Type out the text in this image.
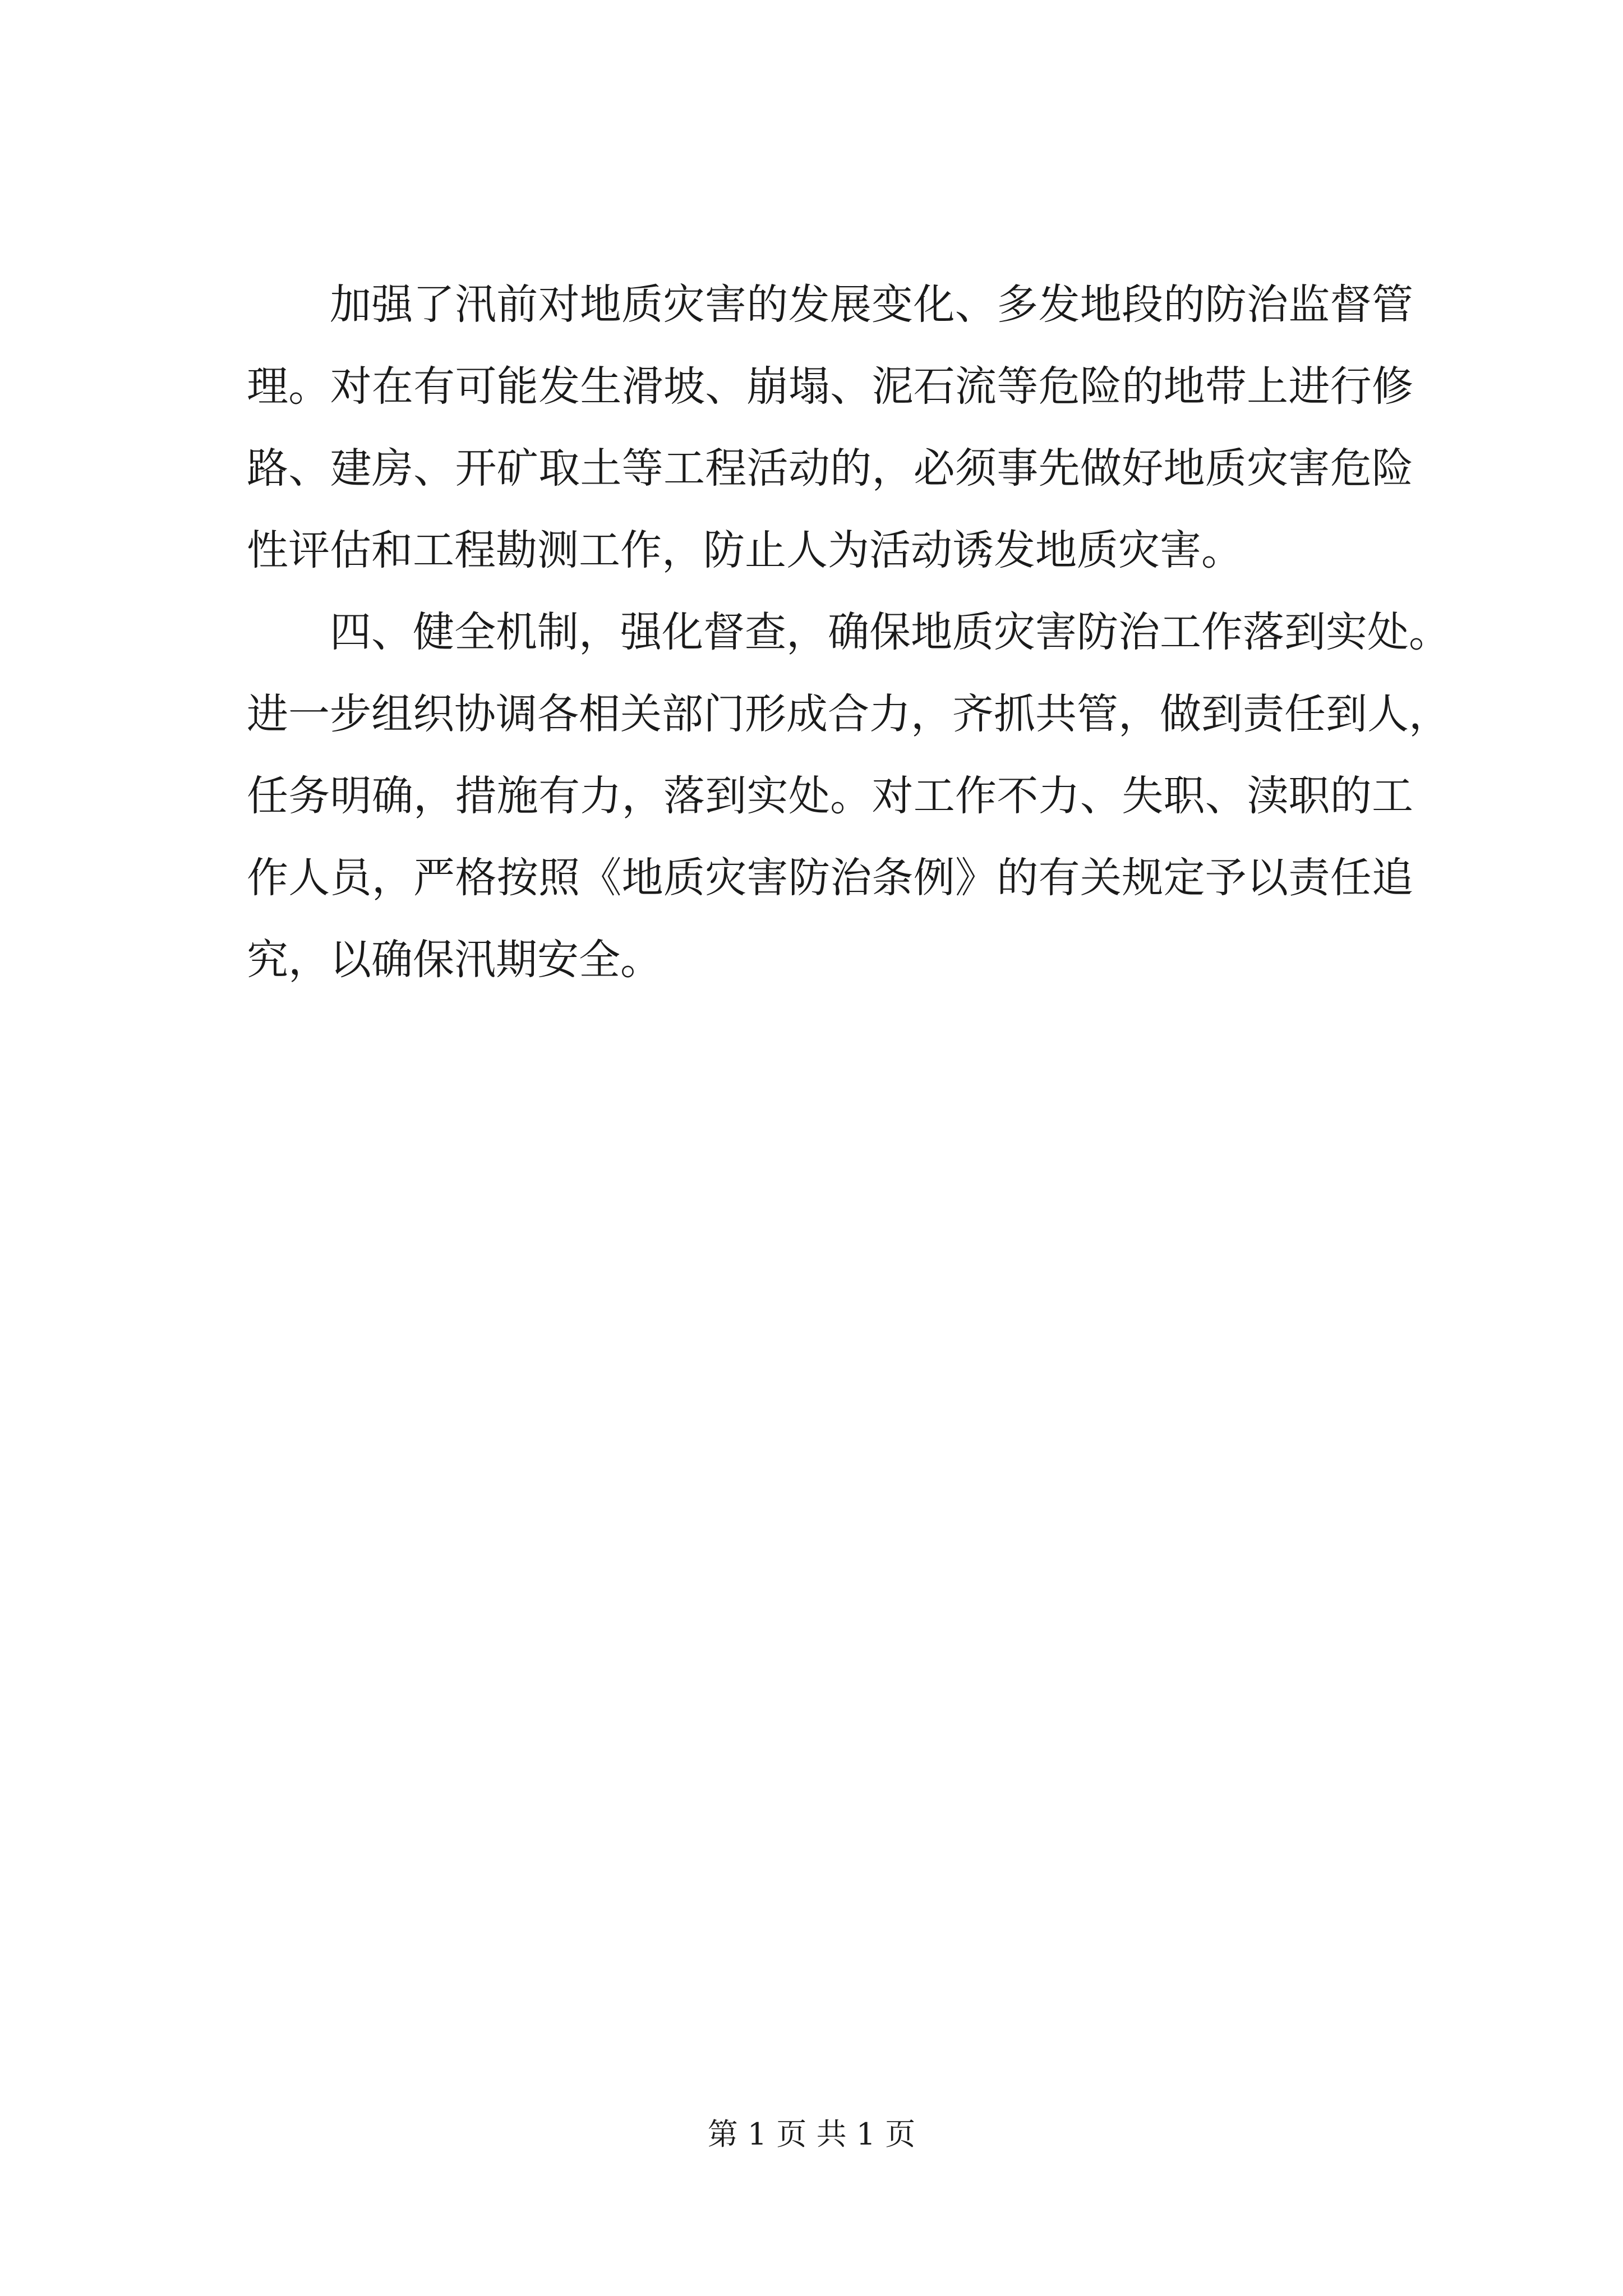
加强了汛前对地质灾害的发展变化、多发地段的防治监督管
理。对在有可能发生滑坡、崩塌、泥石流等危险的地带上进行修
路、建房、开矿取土等工程活动的，必须事先做好地质灾害危险
性评估和工程勘测工作，防止人为活动诱发地质灾害。
四、健全机制，强化督查，确保地质灾害防治工作落到实处。
进一步组织协调各相关部门形成合力，齐抓共管，做到责任到人，
任务明确，措施有力，落到实处。对工作不力、失职、渎职的工
作人员，严格按照《地质灾害防治条例》的有关规定予以责任追
究，以确保汛期安全。
第 1 页 共 1 页
